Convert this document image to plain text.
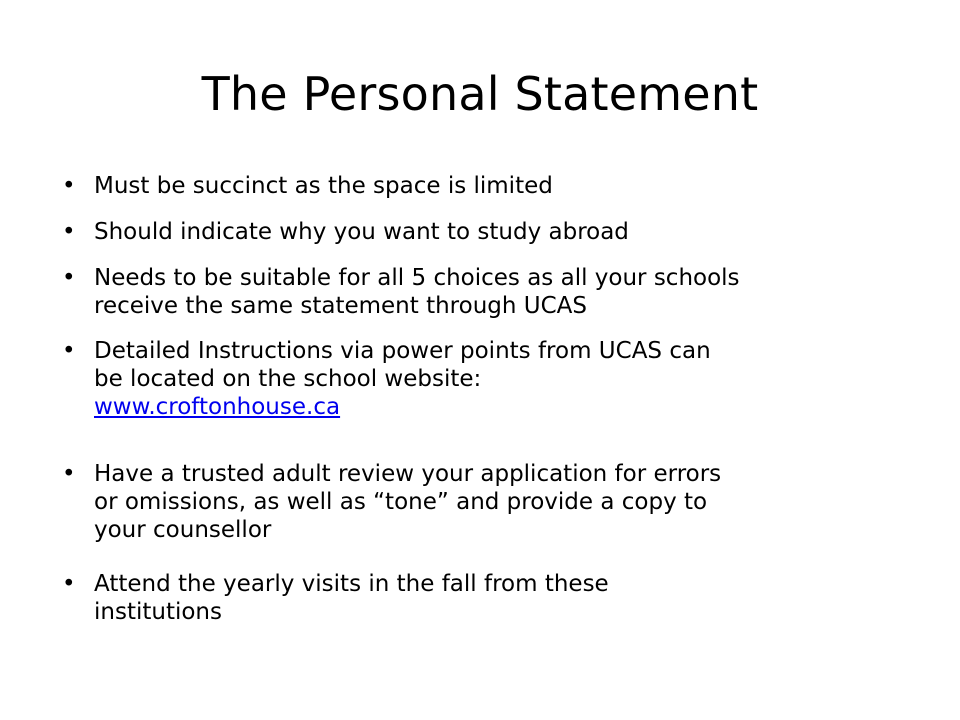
The Personal Statement
• Must be succinct as the space is limited
• Should indicate why you want to study abroad
• Needs to be suitable for all 5 choices as all your schools
receive the same statement through UCAS
• Detailed Instructions via power points from UCAS can
be located on the school website:
www.croftonhouse.ca
• Have a trusted adult review your application for errors
or omissions, as well as “tone” and provide a copy to
your counsellor
• Attend the yearly visits in the fall from these
institutions
